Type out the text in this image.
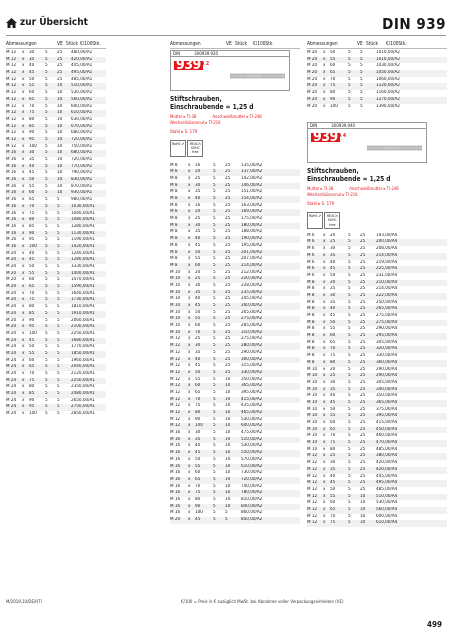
zur Übersicht	DIN 939
Abmessungen	VE Stück €/100Stk.
M 12	x 30	5	25	480,00/A1
M 12	x 35	5	25	420,00/A1
M 12	x 40	5	25	445,00/A1
M 12	x 45	5	25	495,00/A1
M 12	x 50	5	25	485,00/A1
M 12	x 55	5	10	510,00/A1
M 12	x 60	5	10	530,00/A1
M 12	x 65	5	10	560,00/A1
M 12	x 70	5	10	600,00/A1
M 12	x 75	5	10	610,00/A1
M 12	x 80	5	10	630,00/A1
M 12	x 85	5	10	670,00/A1
M 12	x 90	5	10	680,00/A1
M 12	x 95	5	10	720,00/A1
M 12	x 100	5	10	750,00/A1
M 16	x 30	5	10	680,00/A1
M 16	x 35	5	10	720,00/A1
M 16	x 40	5	10	770,00/A1
M 16	x 45	5	10	790,00/A1
M 16	x 50	5	10	830,00/A1
M 16	x 55	5	10	870,00/A1
M 16	x 60	5	10	930,00/A1
M 16	x 65	5	5	980,00/A1
M 16	x 70	5	5	1030,00/A1
M 16	x 75	5	5	1040,00/A1
M 16	x 80	5	5	1080,00/A1
M 16	x 85	5	5	1280,00/A1
M 16	x 90	5	5	1130,00/A1
M 16	x 95	5	5	1190,00/A1
M 16	x 100	5	5	1420,00/A1
M 20	x 40	5	5	1240,00/A1
M 20	x 45	5	5	1280,00/A1
M 20	x 50	5	5	1330,00/A1
M 20	x 55	5	5	1400,00/A1
M 20	x 60	5	5	1470,00/A1
M 20	x 65	5	5	1590,00/A1
M 20	x 70	5	5	1640,00/A1
M 20	x 75	5	5	1730,00/A1
M 20	x 80	5	5	1810,00/A1
M 20	x 85	5	5	1910,00/A1
M 20	x 90	5	5	2060,00/A1
M 20	x 95	5	5	2100,00/A1
M 20	x 100	5	5	2250,00/A1
M 24	x 45	5	5	1680,00/A1
M 24	x 50	5	5	1770,00/A1
M 24	x 55	5	5	1850,00/A1
M 24	x 60	5	5	1960,00/A1
M 24	x 65	5	5	2040,00/A1
M 24	x 70	5	5	2120,00/A1
M 24	x 75	5	5	2250,00/A1
M 24	x 80	5	5	2350,00/A1
M 24	x 85	5	5	2480,00/A1
M 24	x 90	5	5	2650,00/A1
M 24	x 95	5	5	2750,00/A1
M 24	x 100	5	5	2850,00/A1
Abmessungen	VE Stück	€/100Stk.
DIN	300939.920
939 A 2
Stiftschrauben,
Einschraubende ≈ 1,25 d
Mutter ▸ TI-38	Anschweißmutter ▸ TI-248
Wechselhülsennut ▸ TI-216
Stahl ▸ S. 179
RoHS ✔	REACh SVHC free
M 8	x 16	5	25	135,00/A2
M 8	x 20	5	25	137,00/A2
M 8	x 25	5	25	142,00/A2
M 8	x 30	5	25	146,00/A2
M 8	x 35	5	25	151,00/A2
M 8	x 40	5	25	154,00/A2
M 8	x 16	5	25	163,00/A2
M 8	x 20	5	25	169,00/A2
M 8	x 25	5	25	175,00/A2
M 8	x 30	5	25	180,00/A2
M 8	x 35	5	25	188,00/A2
M 8	x 40	5	25	190,00/A2
M 8	x 45	5	25	195,00/A2
M 8	x 50	5	25	201,00/A2
M 8	x 55	5	25	207,00/A2
M 8	x 60	5	25	214,00/A2
M 10	x 20	5	25	212,00/A2
M 10	x 25	5	25	220,00/A2
M 10	x 30	5	25	228,00/A2
M 10	x 35	5	25	235,00/A2
M 10	x 40	5	25	245,00/A2
M 10	x 45	5	25	260,00/A2
M 10	x 50	5	25	265,00/A2
M 10	x 55	5	25	275,00/A2
M 10	x 60	5	25	285,00/A2
M 10	x 70	5	25	310,00/A2
M 12	x 25	5	25	275,00/A2
M 12	x 30	5	25	280,00/A2
M 12	x 35	5	25	290,00/A2
M 12	x 40	5	25	300,00/A2
M 12	x 45	5	25	315,00/A2
M 12	x 50	5	25	330,00/A2
M 12	x 55	5	10	350,00/A2
M 12	x 60	5	10	365,00/A2
M 12	x 65	5	10	395,00/A2
M 12	x 70	5	10	415,00/A2
M 12	x 75	5	10	435,00/A2
M 12	x 80	5	10	465,00/A2
M 12	x 90	5	10	530,00/A2
M 12	x 100	5	10	600,00/A2
M 16	x 30	5	10	475,00/A2
M 16	x 35	5	10	510,00/A2
M 16	x 40	5	10	530,00/A2
M 16	x 45	5	10	550,00/A2
M 16	x 50	5	10	570,00/A2
M 16	x 55	5	10	610,00/A2
M 16	x 60	5	10	730,00/A2
M 16	x 65	5	10	720,00/A2
M 16	x 70	5	10	740,00/A2
M 16	x 75	5	10	780,00/A2
M 16	x 80	5	10	810,00/A2
M 16	x 90	5	10	840,00/A2
M 16	x 100	5	5	860,00/A2
M 20	x 45	5	5	850,00/A2
Abmessungen	VE Stück	€/100Stk.
M 20	x 50	5	5	1010,00/A2
M 20	x 55	5	5	1010,00/A2
M 20	x 60	5	5	1030,00/A2
M 20	x 65	5	5	1050,00/A2
M 20	x 70	5	5	1060,00/A2
M 20	x 75	5	5	1120,00/A2
M 20	x 80	5	5	1160,00/A2
M 20	x 90	5	5	1270,00/A2
M 20	x 100	5	5	1390,00/A2
DIN	300939.940
939 A 4
Stiftschrauben,
Einschraubende ≈ 1,25 d
Mutter ▸ TI-38	Anschweißmutter ▸ TI-248
Wechselhülsennut ▸ TI-216
Stahl ▸ S. 179
RoHS ✔	REACh SVHC free
M 6	x 20	5	25	193,00/A4
M 6	x 25	5	25	200,00/A4
M 6	x 30	5	25	208,00/A4
M 6	x 35	5	25	214,00/A4
M 6	x 40	5	25	219,00/A4
M 6	x 45	5	25	225,00/A4
M 6	x 50	5	25	231,00/A4
M 8	x 20	5	25	210,00/A4
M 8	x 25	5	25	214,00/A4
M 8	x 30	5	25	222,00/A4
M 8	x 35	5	25	250,00/A4
M 8	x 40	5	25	265,00/A4
M 8	x 45	5	25	275,00/A4
M 8	x 50	5	25	275,00/A4
M 8	x 55	5	25	290,00/A4
M 8	x 60	5	25	295,00/A4
M 8	x 65	5	25	305,00/A4
M 8	x 70	5	25	320,00/A4
M 8	x 75	5	25	330,00/A4
M 8	x 80	5	25	360,00/A4
M 10	x 20	5	25	290,00/A4
M 10	x 25	5	25	290,00/A4
M 10	x 30	5	25	305,00/A4
M 10	x 35	5	25	340,00/A4
M 10	x 40	5	25	350,00/A4
M 10	x 45	5	25	365,00/A4
M 10	x 50	5	25	375,00/A4
M 10	x 55	5	25	395,00/A4
M 10	x 60	5	25	415,00/A4
M 10	x 65	5	25	450,00/A4
M 10	x 70	5	25	460,00/A4
M 10	x 75	5	25	470,00/A4
M 10	x 80	5	25	485,00/A4
M 12	x 25	5	25	380,00/A4
M 12	x 30	5	25	420,00/A4
M 12	x 35	5	25	420,00/A4
M 12	x 40	5	25	445,00/A4
M 12	x 45	5	25	495,00/A4
M 12	x 50	5	25	485,00/A4
M 12	x 55	5	10	510,00/A4
M 12	x 60	5	10	530,00/A4
M 12	x 65	5	10	560,00/A4
M 12	x 70	5	10	600,00/A4
M 12	x 75	5	10	610,00/A4
M/2019,10/DE/HTI	€/100 = Preis in € zuzüglich MwSt. bei Abnahme voller Verpackungseinheiten (VE)
499
